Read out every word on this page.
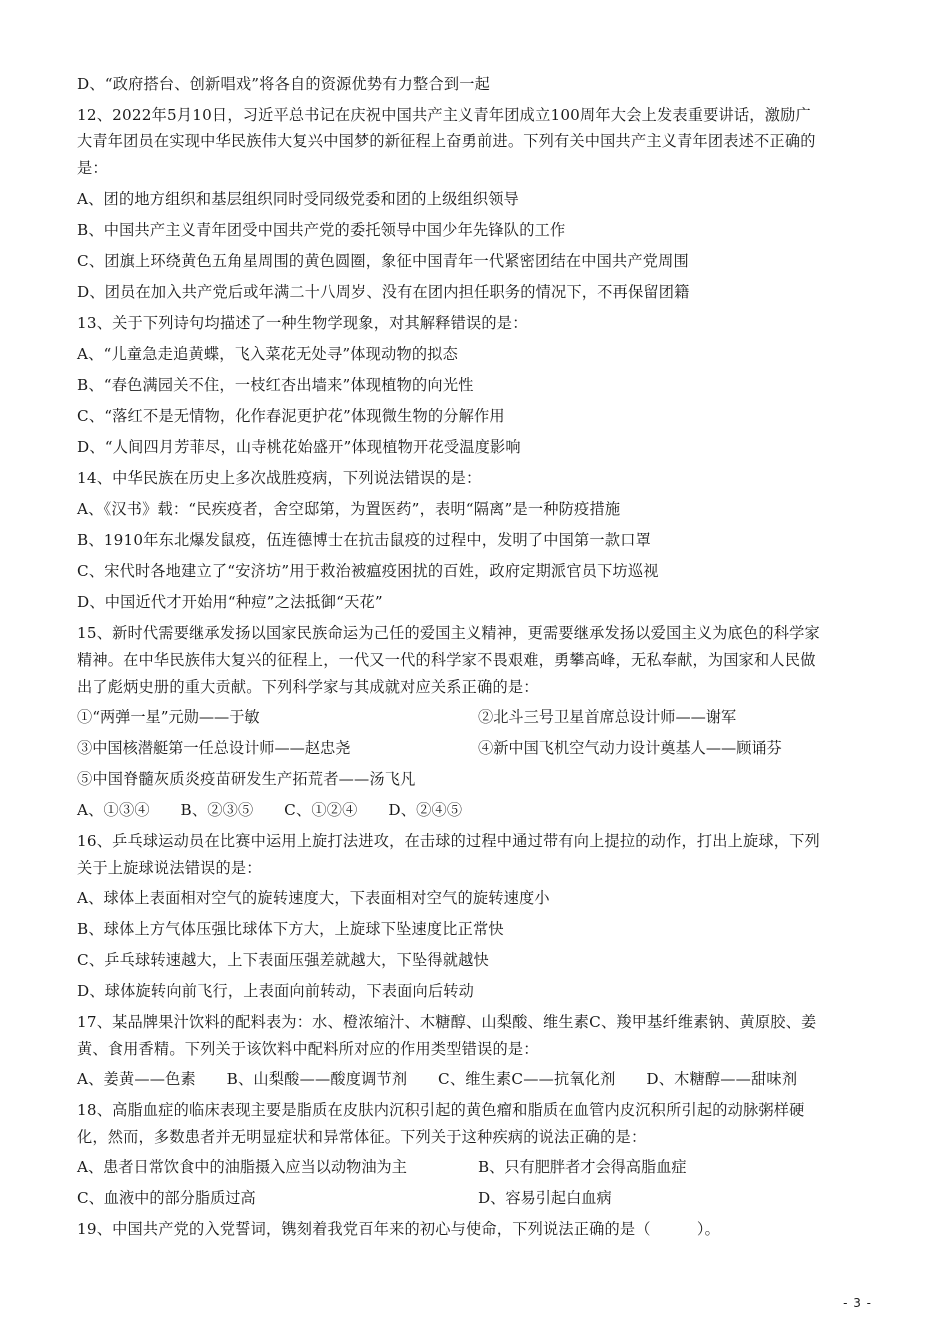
D、“政府搭台、创新唱戏”将各自的资源优势有力整合到一起
12、2022年5月10日，习近平总书记在庆祝中国共产主义青年团成立100周年大会上发表重要讲话，激励广
大青年团员在实现中华民族伟大复兴中国梦的新征程上奋勇前进。下列有关中国共产主义青年团表述不正确的
是：
A、团的地方组织和基层组织同时受同级党委和团的上级组织领导
B、中国共产主义青年团受中国共产党的委托领导中国少年先锋队的工作
C、团旗上环绕黄色五角星周围的黄色圆圈，象征中国青年一代紧密团结在中国共产党周围
D、团员在加入共产党后或年满二十八周岁、没有在团内担任职务的情况下，不再保留团籍
13、关于下列诗句均描述了一种生物学现象，对其解释错误的是：
A、“儿童急走追黄蝶，飞入菜花无处寻”体现动物的拟态
B、“春色满园关不住，一枝红杏出墙来”体现植物的向光性
C、“落红不是无情物，化作春泥更护花”体现微生物的分解作用
D、“人间四月芳菲尽，山寺桃花始盛开”体现植物开花受温度影响
14、中华民族在历史上多次战胜疫病，下列说法错误的是：
A、《汉书》载：“民疾疫者，舍空邸第，为置医药”，表明“隔离”是一种防疫措施
B、1910年东北爆发鼠疫，伍连德博士在抗击鼠疫的过程中，发明了中国第一款口罩
C、宋代时各地建立了“安济坊”用于救治被瘟疫困扰的百姓，政府定期派官员下坊巡视
D、中国近代才开始用“种痘”之法抵御“天花”
15、新时代需要继承发扬以国家民族命运为己任的爱国主义精神，更需要继承发扬以爱国主义为底色的科学家
精神。在中华民族伟大复兴的征程上，一代又一代的科学家不畏艰难，勇攀高峰，无私奉献，为国家和人民做
出了彪炳史册的重大贡献。下列科学家与其成就对应关系正确的是：
①“两弹一星”元勋——于敏	②北斗三号卫星首席总设计师——谢军
③中国核潜艇第一任总设计师——赵忠尧	④新中国飞机空气动力设计奠基人——顾诵芬
⑤中国脊髓灰质炎疫苗研发生产拓荒者——汤飞凡
A、①③④　　B、②③⑤　　C、①②④　　D、②④⑤
16、乒乓球运动员在比赛中运用上旋打法进攻，在击球的过程中通过带有向上提拉的动作，打出上旋球，下列
关于上旋球说法错误的是：
A、球体上表面相对空气的旋转速度大，下表面相对空气的旋转速度小
B、球体上方气体压强比球体下方大，上旋球下坠速度比正常快
C、乒乓球转速越大，上下表面压强差就越大，下坠得就越快
D、球体旋转向前飞行，上表面向前转动，下表面向后转动
17、某品牌果汁饮料的配料表为：水、橙浓缩汁、木糖醇、山梨酸、维生素C、羧甲基纤维素钠、黄原胶、姜
黄、食用香精。下列关于该饮料中配料所对应的作用类型错误的是：
A、姜黄——色素　　B、山梨酸——酸度调节剂　　C、维生素C——抗氧化剂　　D、木糖醇——甜味剂
18、高脂血症的临床表现主要是脂质在皮肤内沉积引起的黄色瘤和脂质在血管内皮沉积所引起的动脉粥样硬
化，然而，多数患者并无明显症状和异常体征。下列关于这种疾病的说法正确的是：
A、患者日常饮食中的油脂摄入应当以动物油为主	B、只有肥胖者才会得高脂血症
C、血液中的部分脂质过高	D、容易引起白血病
19、中国共产党的入党誓词，镌刻着我党百年来的初心与使命，下列说法正确的是（　　　）。
- 3 -
